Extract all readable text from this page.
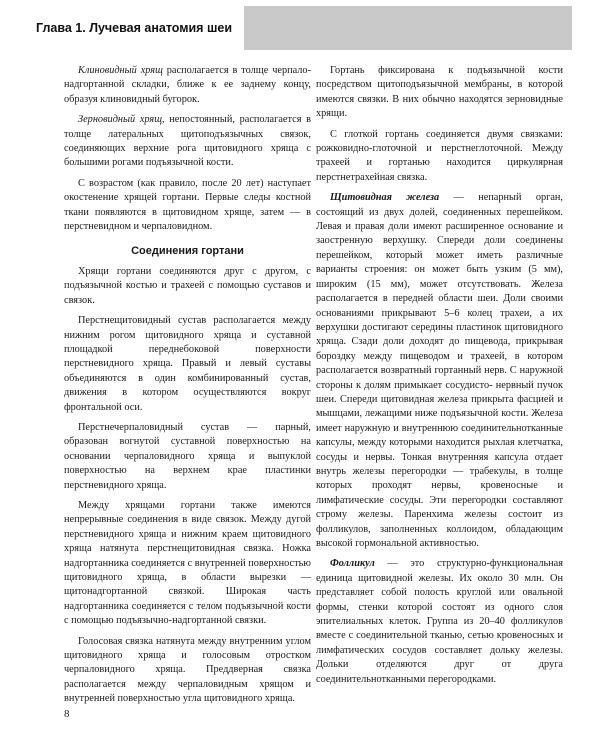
Глава 1. Лучевая анатомия шеи

Клиновидный хрящ располагается в толще черпало-надгортанной складки, ближе к ее заднему концу, образуя клиновидный бугорок.

Зерновидный хрящ, непостоянный, располагается в толще латеральных щитоподъязычных связок, соединяющих верхние рога щитовидного хряща с большими рогами подъязычной кости.

С возрастом (как правило, после 20 лет) наступает окостенение хрящей гортани. Первые следы костной ткани появляются в щитовидном хряще, затем — в перстневидном и черпаловидном.

Соединения гортани

Хрящи гортани соединяются друг с другом, с подъязычной костью и трахеей с помощью суставов и связок.

Перстнещитовидный сустав располагается между нижним рогом щитовидного хряща и суставной площадкой переднебоковой поверхности перстневидного хряща. Правый и левый суставы объединяются в один комбинированный сустав, движения в котором осуществляются вокруг фронтальной оси.

Перстнечерпаловидный сустав — парный, образован вогнутой суставной поверхностью на основании черпаловидного хряща и выпуклой поверхностью на верхнем крае пластинки перстневидного хряща.

Между хрящами гортани также имеются непрерывные соединения в виде связок. Между дугой перстневидного хряща и нижним краем щитовидного хряща натянута перстнещитовидная связка. Ножка надгортанника соединяется с внутренней поверхностью щитовидного хряща, в области вырезки — щитонадгортанной связкой. Широкая часть надгортанника соединяется с телом подъязычной кости с помощью подъязычно-надгортанной связки.

Голосовая связка натянута между внутренним углом щитовидного хряща и голосовым отростком черпаловидного хряща. Преддверная связка располагается между черпаловидным хрящом и внутренней поверхностью угла щитовидного хряща.

Гортань фиксирована к подъязычной кости посредством щитоподъязычной мембраны, в которой имеются связки. В них обычно находятся зерновидные хрящи.

С глоткой гортань соединяется двумя связками: рожковидно-глоточной и перстнеглоточной. Между трахеей и гортанью находится циркулярная перстнетрахейная связка.

Щитовидная железа — непарный орган, состоящий из двух долей, соединенных перешейком. Левая и правая доли имеют расширенное основание и заостренную верхушку. Спереди доли соединены перешейком, который может иметь различные варианты строения: он может быть узким (5 мм), широким (15 мм), может отсутствовать. Железа располагается в передней области шеи. Доли своими основаниями прикрывают 5–6 колец трахеи, а их верхушки достигают середины пластинок щитовидного хряща. Сзади доли доходят до пищевода, прикрывая бороздку между пищеводом и трахеей, в котором располагается возвратный гортанный нерв. С наружной стороны к долям примыкает сосудисто- нервный пучок шеи. Спереди щитовидная железа прикрыта фасцией и мышцами, лежащими ниже подъязычной кости. Железа имеет наружную и внутреннюю соединительнотканные капсулы, между которыми находится рыхлая клетчатка, сосуды и нервы. Тонкая внутренняя капсула отдает внутрь железы перегородки — трабекулы, в толще которых проходят нервы, кровеносные и лимфатические сосуды. Эти перегородки составляют строму железы. Паренхима железы состоит из фолликулов, заполненных коллоидом, обладающим высокой гормональной активностью.

Фолликул — это структурно-функциональная единица щитовидной железы. Их около 30 млн. Он представляет собой полость круглой или овальной формы, стенки которой состоят из одного слоя эпителиальных клеток. Группа из 20–40 фолликулов вместе с соединительной тканью, сетью кровеносных и лимфатических сосудов составляет дольку железы. Дольки отделяются друг от друга соединительнотканными перегородками.

8
